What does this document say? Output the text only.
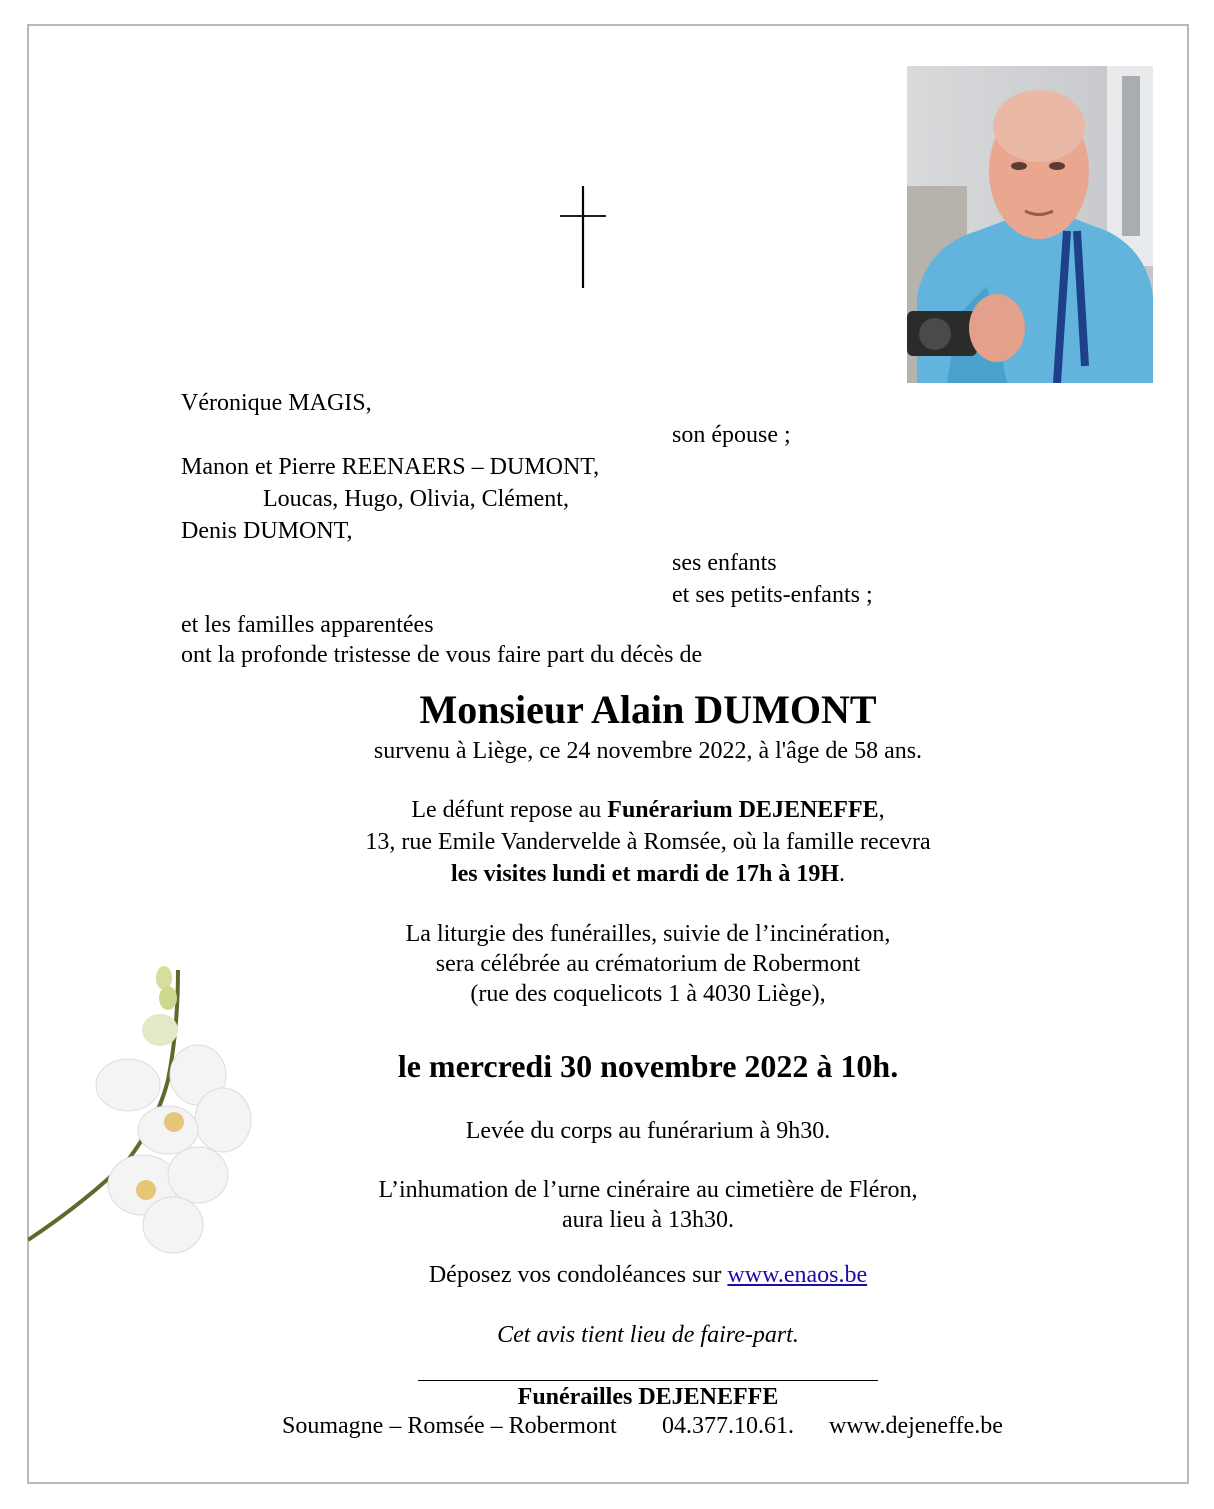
Véronique MAGIS,
son épouse ;
Manon et Pierre REENAERS – DUMONT,
Loucas, Hugo, Olivia, Clément,
Denis DUMONT,
ses enfants
et ses petits-enfants ;
et les familles apparentées
ont la profonde tristesse de vous faire part du décès de
Monsieur Alain DUMONT
survenu à Liège, ce 24 novembre 2022, à l'âge de 58 ans.
Le défunt repose au Funérarium DEJENEFFE,
13, rue Emile Vandervelde à Romsée, où la famille recevra
les visites lundi et mardi de 17h à 19H.
La liturgie des funérailles, suivie de l’incinération,
sera célébrée au crématorium de Robermont
(rue des coquelicots 1 à 4030 Liège),
le mercredi 30 novembre 2022 à 10h.
Levée du corps au funérarium à 9h30.
L’inhumation de l’urne cinéraire au cimetière de Fléron,
aura lieu à 13h30.
Déposez vos condoléances sur www.enaos.be
Cet avis tient lieu de faire-part.
Funérailles DEJENEFFE
Soumagne – Romsée – Robermont 04.377.10.61. www.dejeneffe.be
